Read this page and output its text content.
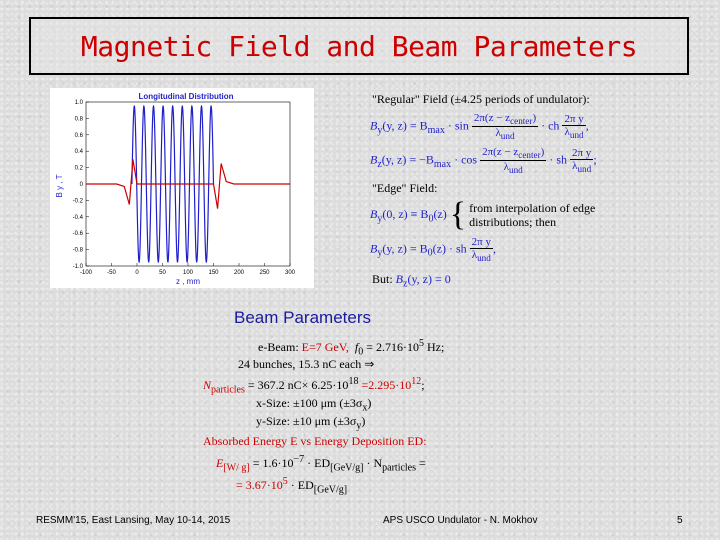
Magnetic Field and Beam Parameters
Longitudinal Distribution
1.0
0.8
0.6
0.4
0.2
0
-0.2
-0.4
-0.6
-0.8
-1.0
-100	-50	0	50	100	150	200	250	300
z , mm
B y , T
"Regular" Field (±4.25 periods of undulator):
$B_y(y$, $z) = B_{max} \cdot \sin \frac{2\pi(z - z_{center})}{\lambda_{und}}$ · ch $\frac{\text{2π y}}{\lambda_{und}}$ ,
$B_z(y$, $z) = -B_{max} \cdot \cos \frac{2\pi(z - z_{center})}{\lambda_{und}}$ · sh $\frac{\text{2π y}}{\lambda_{und}}$ ;
"Edge" Field:
$B_y(0$, $z) \equiv B_0(z)$ { from interpolation of edge
distributions; then
$B_y(y$, $z) = B_0(z)$ · sh $\frac{\text{2π y}}{\lambda_{und}}$ ,
But: $B_z(y$, z) = 0
Beam Parameters
e-Beam: E=7 GeV, $f_0 = 2.716\cdot 10^5$ Hz;
24 bunches, 15.3 nC each ⇒
$N_{particles} = 367.2$ $nC\times 6.25\cdot 10^{18} =2.295\cdot 10^{12}$;
x-Size: ±100 μm $(\pm 3\sigma_x)$
y-Size: ±10 μm $(\pm 3\sigma_y)$
Absorbed Energy E vs Energy Deposition ED:
$E_{[W/ g]} = 1.6\cdot 10^{-7} \cdot ED_{[GeV/g]} \cdot N_{particles}$ =
= $3.67\cdot 10^5 \cdot ED_{[GeV/g]}$
RESMM'15, East Lansing, May 10-14, 2015	APS USCO Undulator - N. Mokhov	5
